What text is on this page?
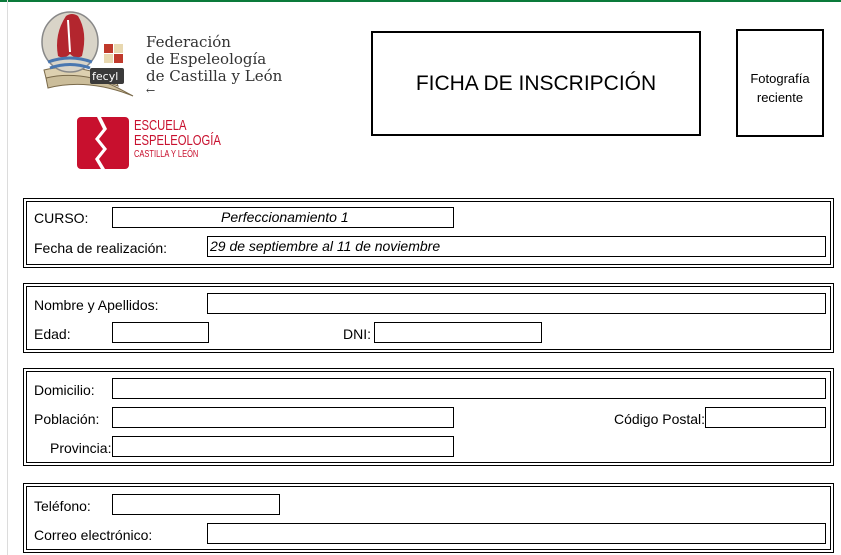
fecyl
Federación
de Espeleología
de Castilla y León
←
ESCUELA
ESPELEOLOGÍA
CASTILLA Y LEÓN
FICHA DE INSCRIPCIÓN	Fotografía reciente
CURSO:	Perfeccionamiento 1
Fecha de realización:	29 de septiembre al 11 de noviembre
Nombre y Apellidos:
Edad:	DNI:
Domicilio:
Población:	Código Postal:
Provincia:
Teléfono:
Correo electrónico:
